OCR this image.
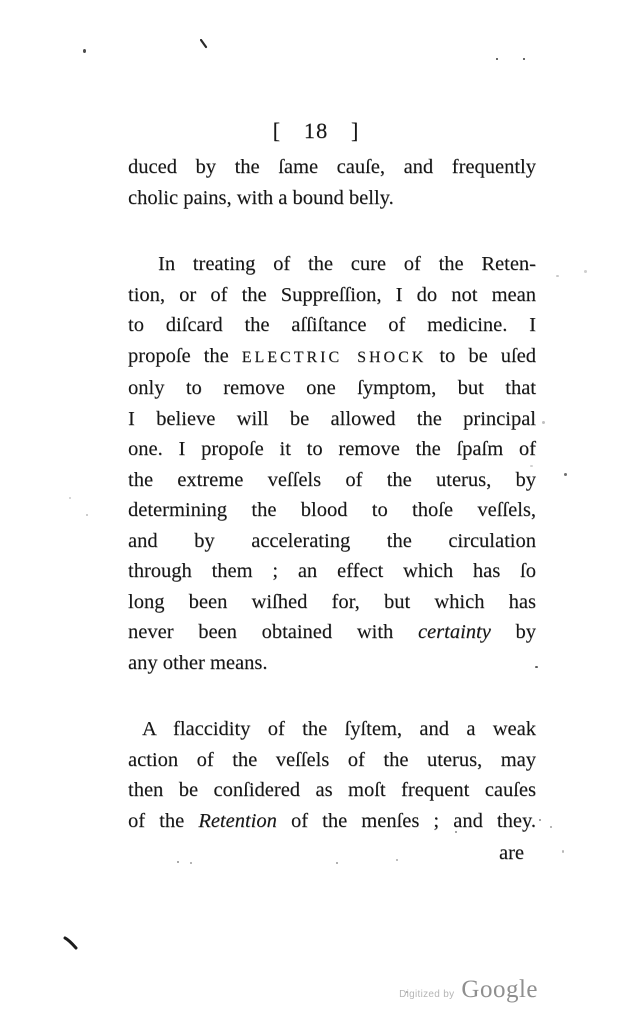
[ 18 ]
duced by the ſame cauſe, and frequently
cholic pains, with a bound belly.
In treating of the cure of the Reten-
tion, or of the Suppreſſion, I do not mean
to diſcard the aſſiſtance of medicine. I
propoſe the ELECTRIC SHOCK to be uſed
only to remove one ſymptom, but that
I believe will be allowed the principal
one. I propoſe it to remove the ſpaſm of
the extreme veſſels of the uterus, by
determining the blood to thoſe veſſels,
and by accelerating the circulation
through them ; an effect which has ſo
long been wiſhed for, but which has
never been obtained with certainty by
any other means.
A flaccidity of the ſyſtem, and a weak
action of the veſſels of the uterus, may
then be conſidered as moſt frequent cauſes
of the Retention of the menſes ; and they.
are
Digitized by Google
